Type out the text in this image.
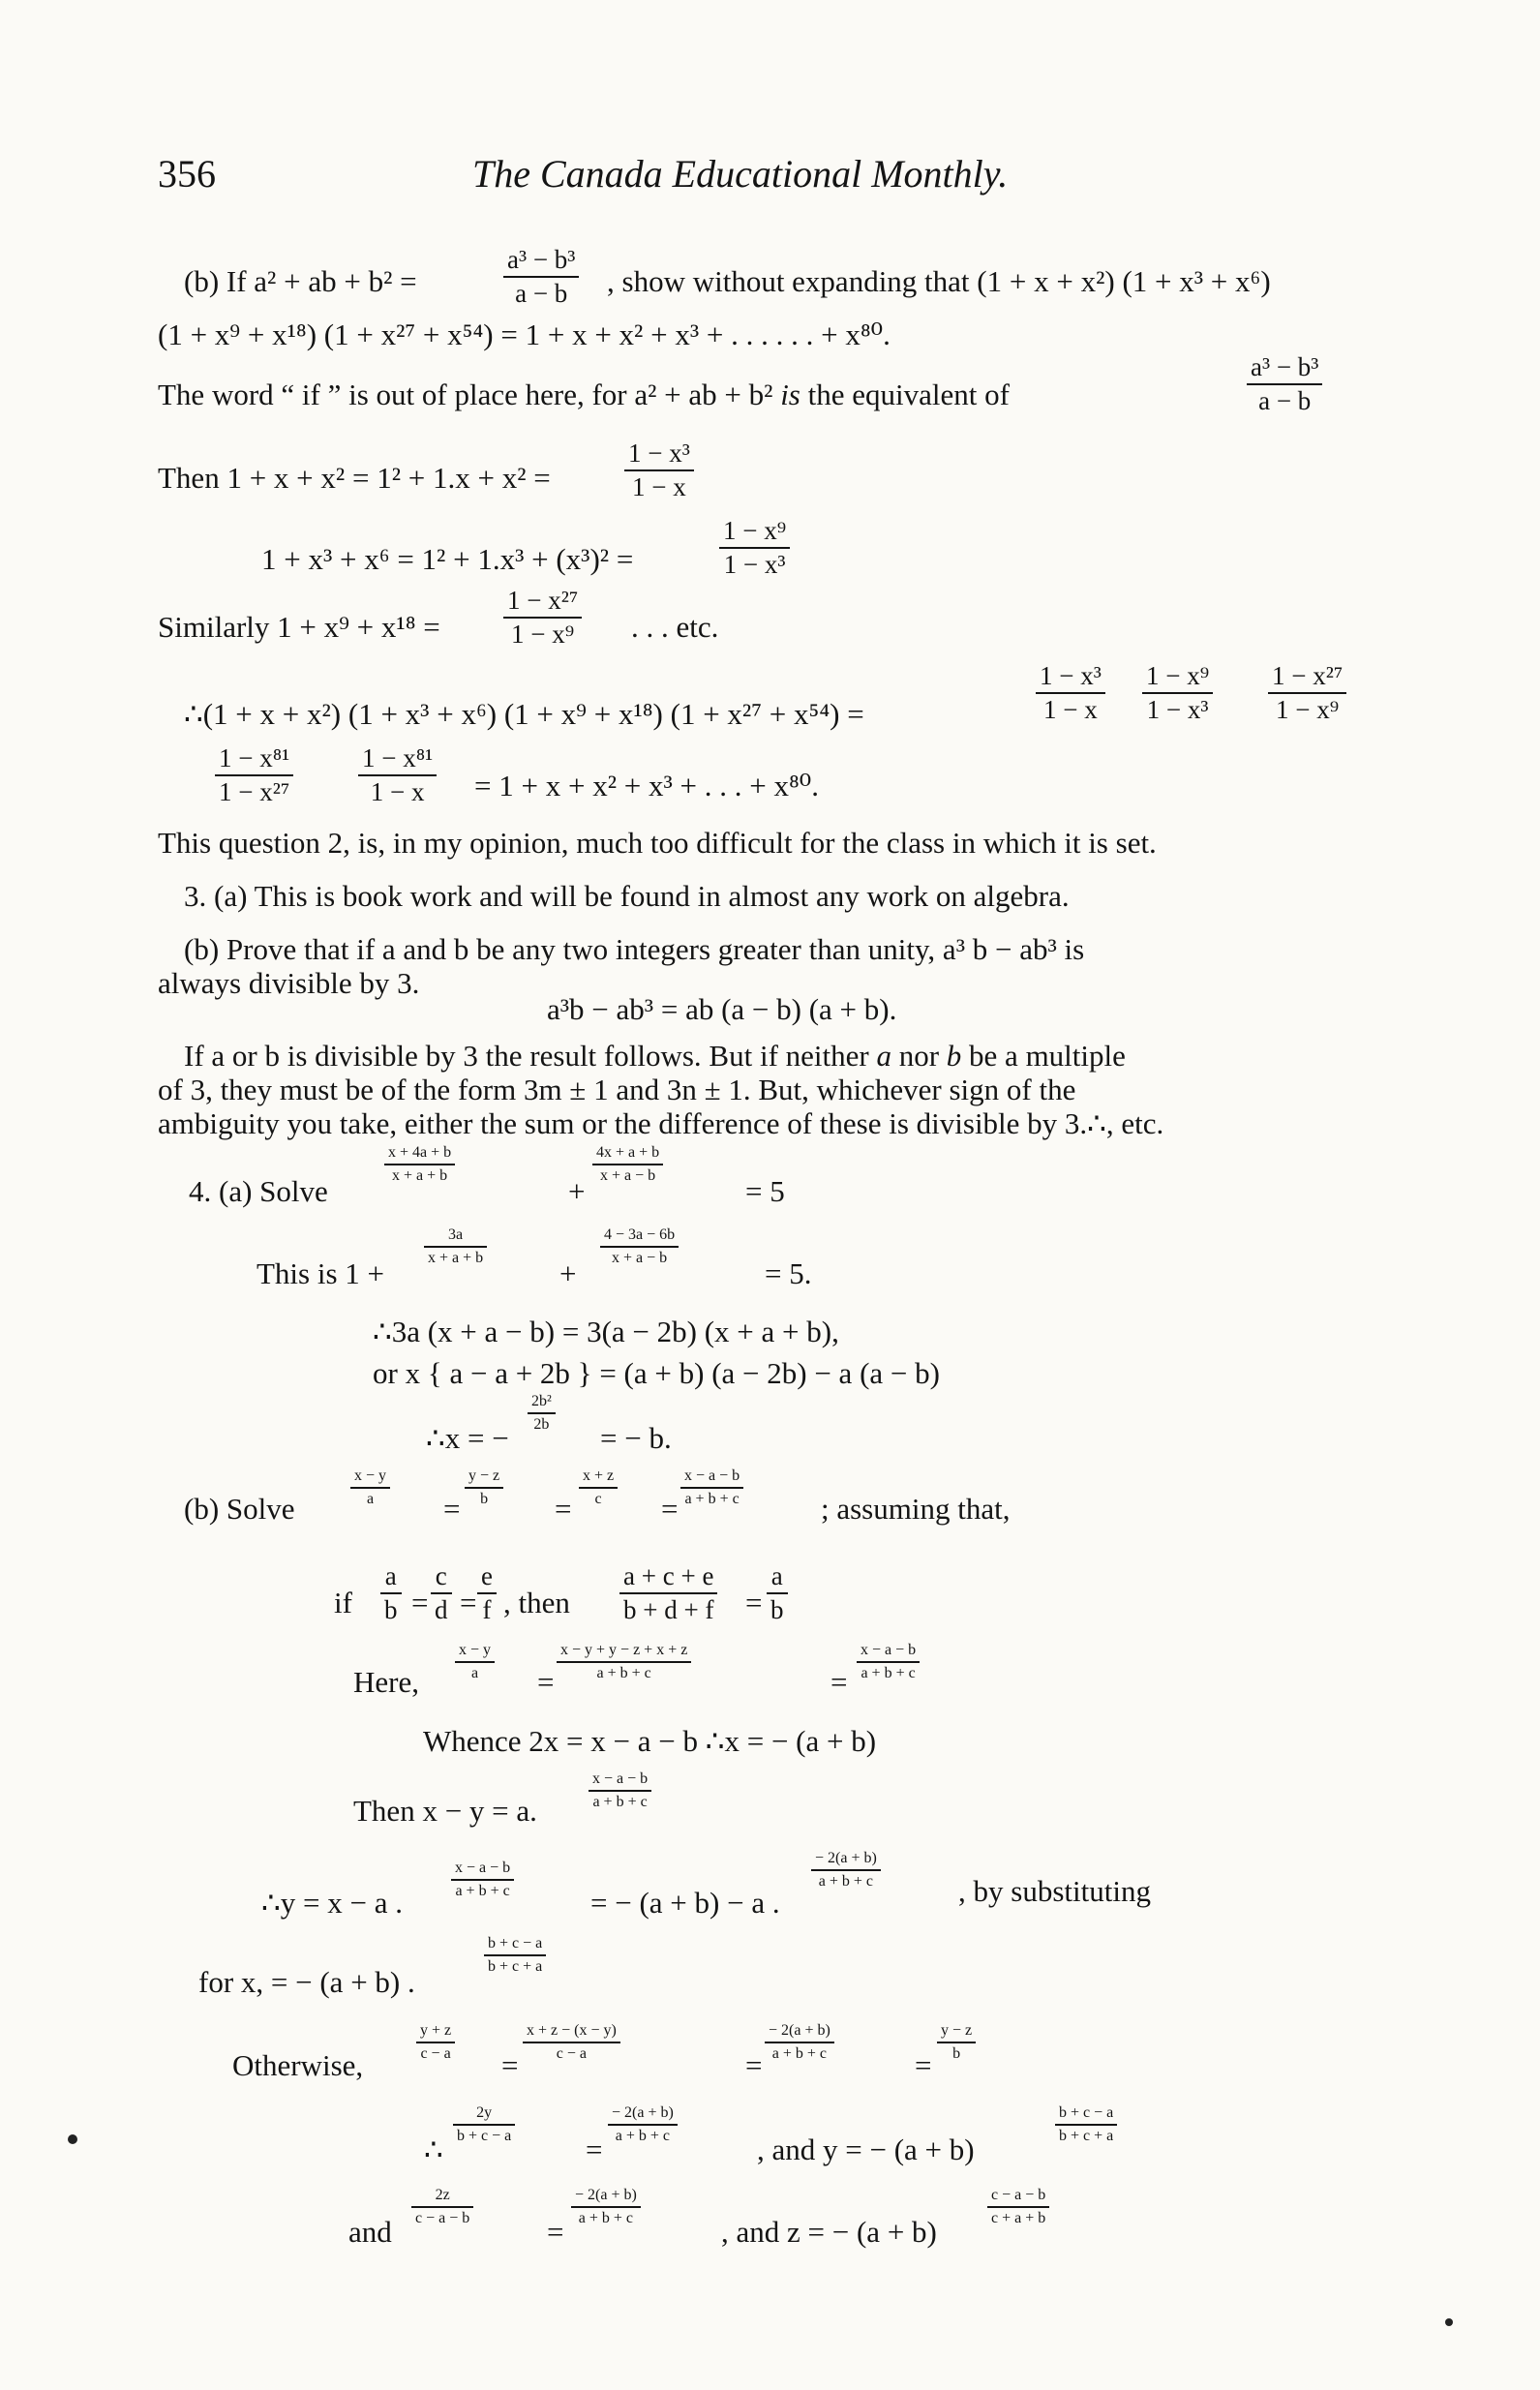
356	The Canada Educational Monthly.
(b) If a² + ab + b² =	$\frac{\text{a³ − b³}}{a - b}$ , show without expanding that (1 + x + x²) (1 + x³ + x⁶)
(1 + x⁹ + x¹⁸) (1 + x²⁷ + x⁵⁴) = 1 + x + x² + x³ + . . . . . . + x⁸⁰.
The word “ if ” is out of place here, for a² + ab + b² is the equivalent of	$\frac{\text{a³ − b³}}{a - b}$
Then 1 + x + x² = 1² + 1.x + x² =	$\frac{\text{1 − x³}}{1 - x}$
1 + x³ + x⁶ = 1² + 1.x³ + (x³)² =	$\frac{\text{1 − x⁹}}{\text{1 − x³}}$
Similarly $1 + x^9 + x^{18} = \frac{\text{1 − x²⁷}}{\text{1 − x⁹}}$ . . . etc.
∴(1 + x + x²) (1 + x³ + x⁶) (1 + x⁹ + x¹⁸) (1 + x²⁷ + x⁵⁴) =	$\frac{\text{1 − x³}}{1 - x} \frac{\text{1 − x⁹}}{\text{1 − x³}} \frac{\text{1 − x²⁷}}{\text{1 − x⁹}}$
$\frac{\text{1 − x⁸¹}}{\text{1 − x²⁷}} \frac{\text{1 − x⁸¹}}{1 - x} = 1 + x + x^2 + x^3$ + . . . + x⁸⁰.
This question 2, is, in my opinion, much too difficult for the class in which it is set.
3. (a) This is book work and will be found in almost any work on algebra.
(b) Prove that if a and b be any two integers greater than unity, a³ b − ab³ is
always divisible by 3.
a³b − ab³ = ab (a − b) (a + b).
If a or b is divisible by 3 the result follows. But if neither a nor b be a multiple
of 3, they must be of the form 3m ± 1 and 3n ± 1. But, whichever sign of the
ambiguity you take, either the sum or the difference of these is divisible by 3.∴, etc.
4. (a) Solve
$\frac{x + 4a + b}{x + a + b}$
+
$\frac{4x + a + b}{x + a - b}$
= 5
This is 1 +
$\frac{3a}{x + a + b}$
+
$\frac{4 - 3a - 6b}{x + a - b}$
= 5.
∴3a (x + a − b) = 3(a − 2b) (x + a + b),
or x { a − a + 2b } = (a + b) (a − 2b) − a (a − b)
∴x = −
$\frac{\text{2b²}}{2b}$
= − b.
(b) Solve
$\frac{x - y}{a}$
=
$\frac{y - z}{b}$
=
$\frac{x + z}{c}$
=
$\frac{x - a - b}{a + b + c}$
; assuming that,
if $\frac{a}{b} = \frac{c}{d} = \frac{e}{f}$ , then $\frac{a + c + e}{b + d + f} = \frac{a}{b}$
Here,
$\frac{x - y}{a}$
=
$\frac{x - y + y - z + x + z}{a + b + c}$
=
$\frac{x - a - b}{a + b + c}$
Whence 2x = x − a − b ∴x = − (a + b)
Then x − y = a.
$\frac{x - a - b}{a + b + c}$
∴y = x − a .
$\frac{x - a - b}{a + b + c}$
= − (a + b) − a .
$\frac{- 2(a + b)}{a + b + c}$
, by substituting
for x, = − (a + b) .
$\frac{b + c - a}{b + c + a}$
Otherwise,
$\frac{y + z}{c - a}$
=
$\frac{x + z - (x - y)}{c - a}$
=
$\frac{- 2(a + b)}{a + b + c}$
=
$\frac{y - z}{b}$
∴
$\frac{2y}{b + c - a}$
=
$\frac{- 2(a + b)}{a + b + c}$
, and y = − (a + b)
$\frac{b + c - a}{b + c + a}$
and
$\frac{2z}{c - a - b}$
=
$\frac{- 2(a + b)}{a + b + c}$
, and z = − (a + b)
$\frac{c - a - b}{c + a + b}$
